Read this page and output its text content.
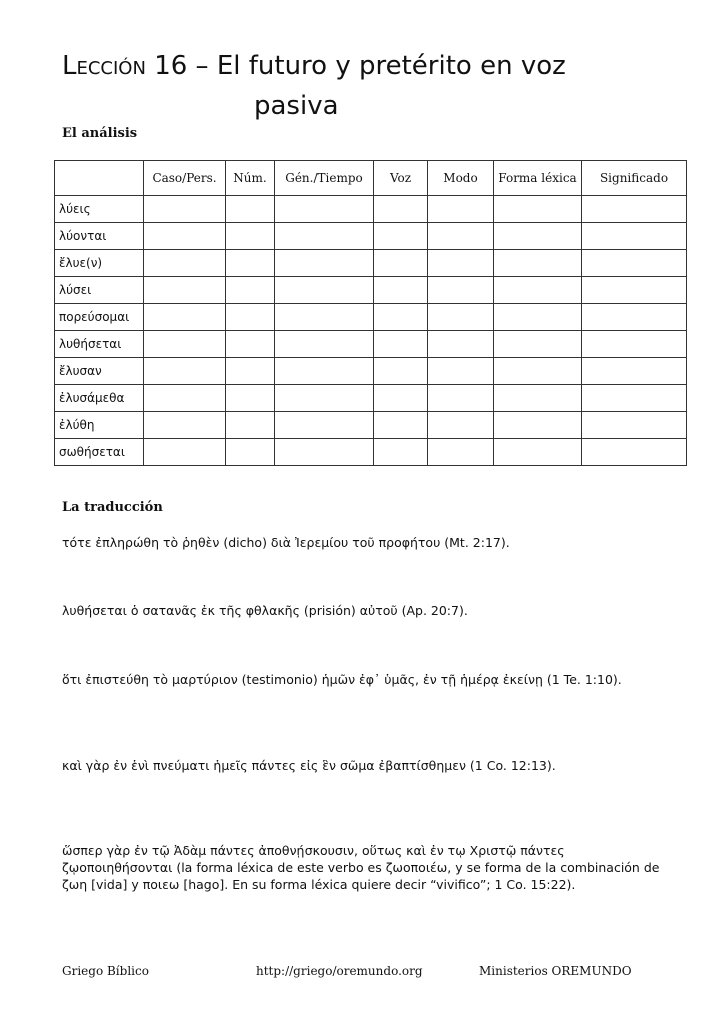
Lección 16 – El futuro y pretérito en voz
pasiva
El análisis
	Caso/Pers.	Núm.	Gén./Tiempo	Voz	Modo	Forma léxica	Significado
λύεις							
λύονται							
ἔλυε(ν)							
λύσει							
πορεύσομαι							
λυθήσεται							
ἔλυσαν							
ἐλυσάμεθα							
ἐλύθη							
σωθήσεται							
La traducción

τότε ἐπληρώθη τὸ ῥηθὲν (dicho) διὰ Ἰερεμίου τοῦ προφήτου (Mt. 2:17).

λυθήσεται ὁ σατανᾶς ἐκ τῆς φθλακῆς (prisión) αὐτοῦ (Ap. 20:7).

ὅτι ἐπιστεύθη τὸ μαρτύριον (testimonio) ἡμῶν ἐφ᾽ ὑμᾶς, ἐν τῇ ἡμέρᾳ ἐκείνῃ (1 Te. 1:10).

καὶ γὰρ ἐν ἑνὶ πνεύματι ἡμεῖς πάντες εἰς ἓν σῶμα ἐβαπτίσθημεν (1 Co. 12:13).

ὥσπερ γὰρ ἐν τῷ Ἀδὰμ πάντες ἀποθνῄσκουσιν, οὕτως καὶ ἐν τῳ Χριστῷ πάντες ζῳοποιηθήσονται (la forma léxica de este verbo es ζωοποιέω, y se forma de la combinación de ζωη [vida] y ποιεω [hago]. En su forma léxica quiere decir “vivifico”; 1 Co. 15:22).

Griego Bíblico	http://griego/oremundo.org	Ministerios OREMUNDO
